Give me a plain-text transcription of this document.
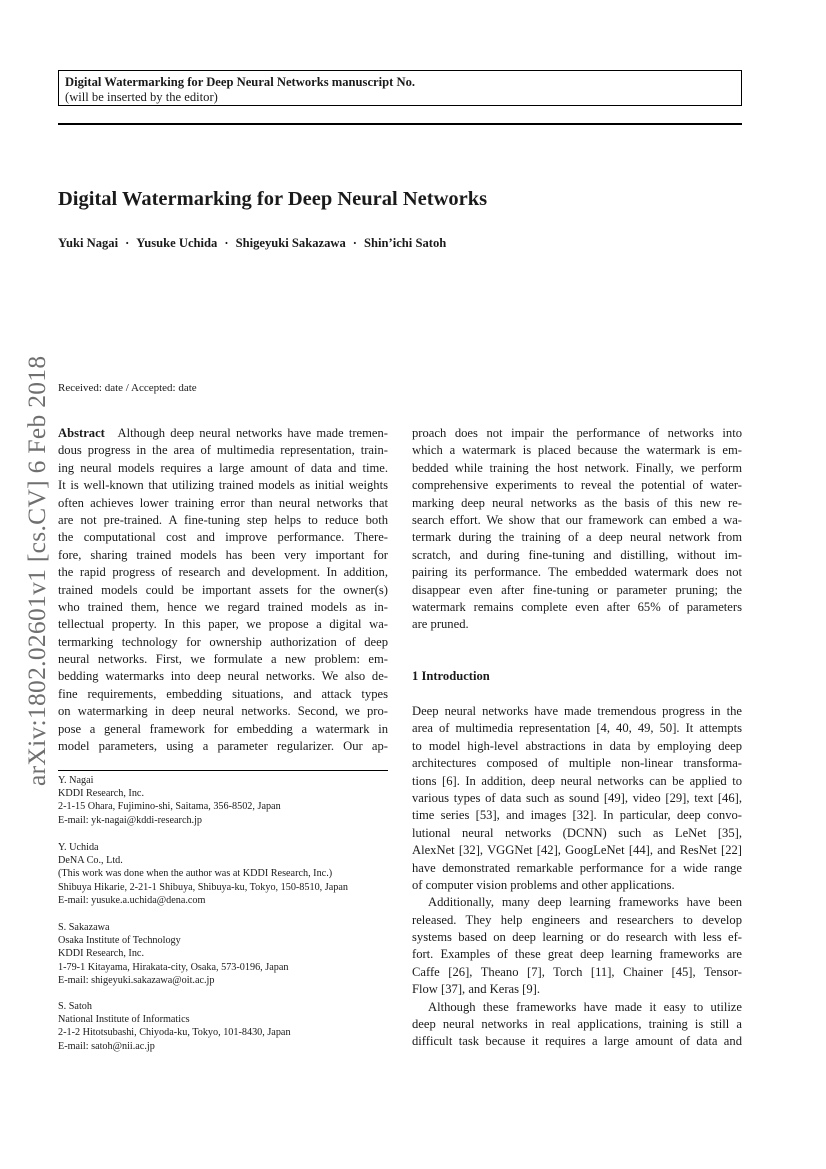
Digital Watermarking for Deep Neural Networks manuscript No.
(will be inserted by the editor)
Digital Watermarking for Deep Neural Networks
Yuki Nagai · Yusuke Uchida · Shigeyuki Sakazawa · Shin’ichi Satoh
arXiv:1802.02601v1 [cs.CV] 6 Feb 2018 Received: date / Accepted: date
Abstract Although deep neural networks have made tremen-
dous progress in the area of multimedia representation, train-
ing neural models requires a large amount of data and time.
It is well-known that utilizing trained models as initial weights
often achieves lower training error than neural networks that
are not pre-trained. A fine-tuning step helps to reduce both
the computational cost and improve performance. There-
fore, sharing trained models has been very important for
the rapid progress of research and development. In addition,
trained models could be important assets for the owner(s)
who trained them, hence we regard trained models as in-
tellectual property. In this paper, we propose a digital wa-
termarking technology for ownership authorization of deep
neural networks. First, we formulate a new problem: em-
bedding watermarks into deep neural networks. We also de-
fine requirements, embedding situations, and attack types
on watermarking in deep neural networks. Second, we pro-
pose a general framework for embedding a watermark in
model parameters, using a parameter regularizer. Our ap-
proach does not impair the performance of networks into
which a watermark is placed because the watermark is em-
bedded while training the host network. Finally, we perform
comprehensive experiments to reveal the potential of water-
marking deep neural networks as the basis of this new re-
search effort. We show that our framework can embed a wa-
termark during the training of a deep neural network from
scratch, and during fine-tuning and distilling, without im-
pairing its performance. The embedded watermark does not
disappear even after fine-tuning or parameter pruning; the
watermark remains complete even after 65% of parameters
are pruned.
1 Introduction
Deep neural networks have made tremendous progress in the
area of multimedia representation [4, 40, 49, 50]. It attempts
to model high-level abstractions in data by employing deep
architectures composed of multiple non-linear transforma-
tions [6]. In addition, deep neural networks can be applied to
various types of data such as sound [49], video [29], text [46],
time series [53], and images [32]. In particular, deep convo-
lutional neural networks (DCNN) such as LeNet [35],
AlexNet [32], VGGNet [42], GoogLeNet [44], and ResNet [22]
have demonstrated remarkable performance for a wide range
of computer vision problems and other applications.
Additionally, many deep learning frameworks have been
released. They help engineers and researchers to develop
systems based on deep learning or do research with less ef-
fort. Examples of these great deep learning frameworks are
Caffe [26], Theano [7], Torch [11], Chainer [45], Tensor-
Flow [37], and Keras [9].
Although these frameworks have made it easy to utilize
deep neural networks in real applications, training is still a
difficult task because it requires a large amount of data and
Y. Nagai
KDDI Research, Inc.
2-1-15 Ohara, Fujimino-shi, Saitama, 356-8502, Japan
E-mail: yk-nagai@kddi-research.jp
Y. Uchida
DeNA Co., Ltd.
(This work was done when the author was at KDDI Research, Inc.)
Shibuya Hikarie, 2-21-1 Shibuya, Shibuya-ku, Tokyo, 150-8510, Japan
E-mail: yusuke.a.uchida@dena.com
S. Sakazawa
Osaka Institute of Technology
KDDI Research, Inc.
1-79-1 Kitayama, Hirakata-city, Osaka, 573-0196, Japan
E-mail: shigeyuki.sakazawa@oit.ac.jp
S. Satoh
National Institute of Informatics
2-1-2 Hitotsubashi, Chiyoda-ku, Tokyo, 101-8430, Japan
E-mail: satoh@nii.ac.jp
